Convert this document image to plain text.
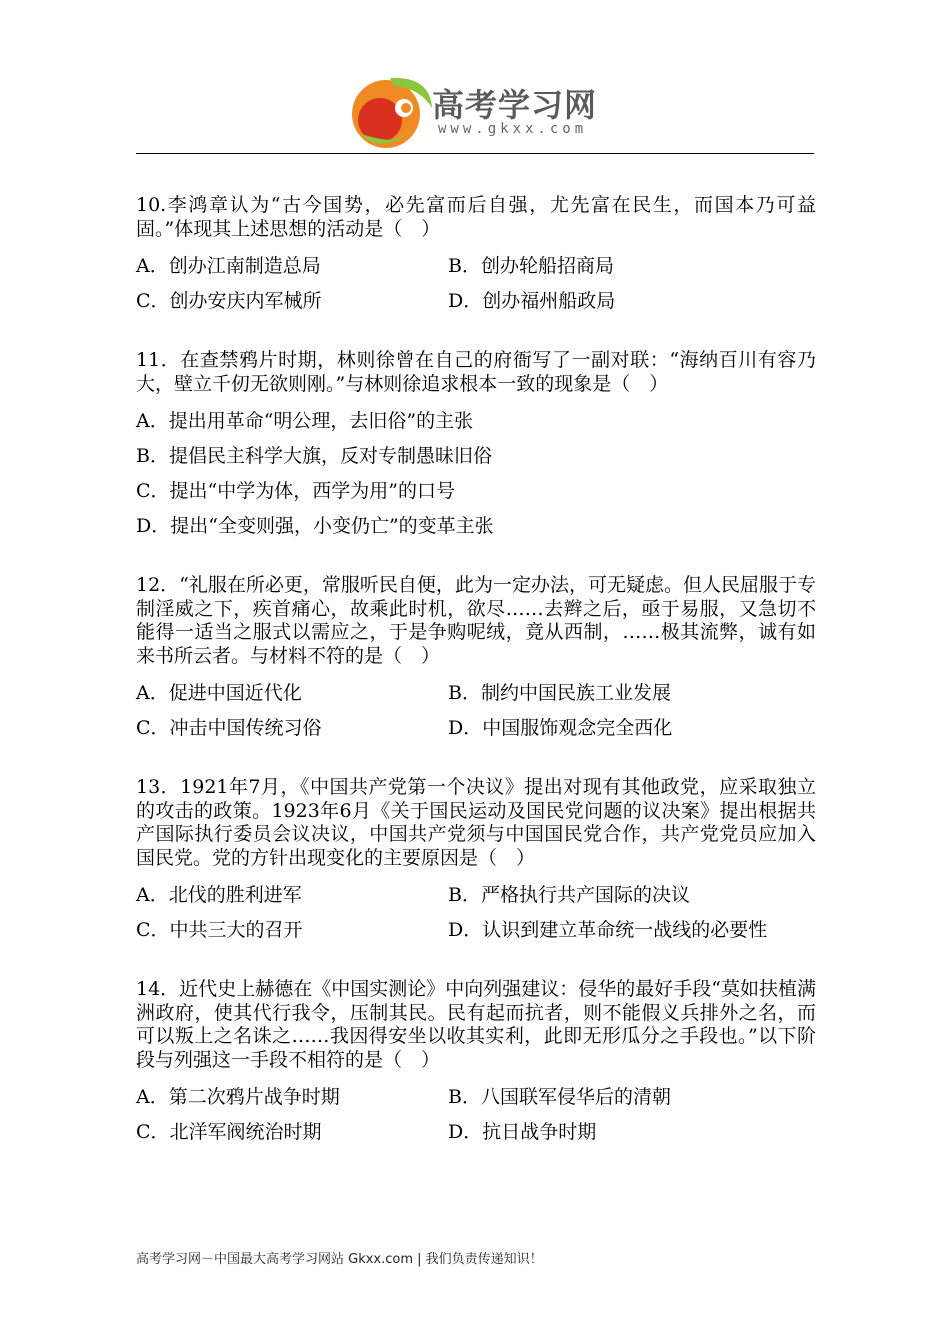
高考学习网
www.gkxx.com
10.李鸿章认为“古今国势，必先富而后自强，尤先富在民生，而国本乃可益固。”体现其上述思想的活动是（　）
A．创办江南制造总局	B．创办轮船招商局
C．创办安庆内军械所	D．创办福州船政局
11．在查禁鸦片时期，林则徐曾在自己的府衙写了一副对联：“海纳百川有容乃大，壁立千仞无欲则刚。”与林则徐追求根本一致的现象是（　）
A．提出用革命“明公理，去旧俗”的主张
B．提倡民主科学大旗，反对专制愚昧旧俗
C．提出“中学为体，西学为用”的口号
D．提出“全变则强，小变仍亡”的变革主张
12．“礼服在所必更，常服听民自便，此为一定办法，可无疑虑。但人民屈服于专制淫威之下，疾首痛心，故乘此时机，欲尽……去辫之后，亟于易服，又急切不能得一适当之服式以需应之，于是争购呢绒，竟从西制，……极其流弊，诚有如来书所云者。与材料不符的是（　）
A．促进中国近代化	B．制约中国民族工业发展
C．冲击中国传统习俗	D．中国服饰观念完全西化
13．1921年7月，《中国共产党第一个决议》提出对现有其他政党，应采取独立的攻击的政策。1923年6月《关于国民运动及国民党问题的议决案》提出根据共产国际执行委员会议决议，中国共产党须与中国国民党合作，共产党党员应加入国民党。党的方针出现变化的主要原因是（　）
A．北伐的胜利进军	B．严格执行共产国际的决议
C．中共三大的召开	D．认识到建立革命统一战线的必要性
14．近代史上赫德在《中国实测论》中向列强建议：侵华的最好手段“莫如扶植满洲政府，使其代行我令，压制其民。民有起而抗者，则不能假义兵排外之名，而可以叛上之名诛之……我因得安坐以收其实利，此即无形瓜分之手段也。”以下阶段与列强这一手段不相符的是（　）
A．第二次鸦片战争时期	B．八国联军侵华后的清朝
C．北洋军阀统治时期	D．抗日战争时期
高考学习网－中国最大高考学习网站 Gkxx.com | 我们负责传递知识！
